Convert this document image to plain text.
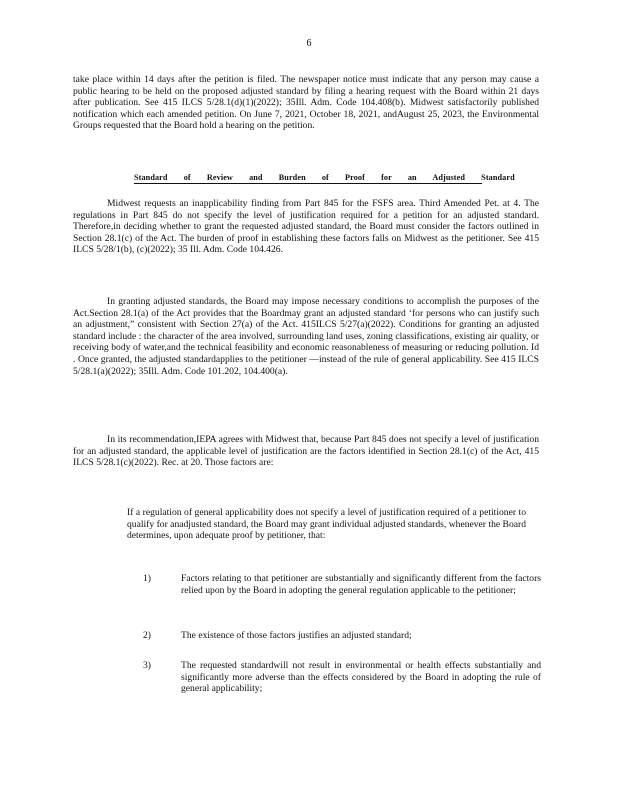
6

take place within 14 days after the petition is filed. The newspaper notice must indicate that any person may cause a public hearing to be held on the proposed adjusted standard by filing a hearing request with the Board within 21 days after publication. See 415 ILCS 5/28.1(d)(1)(2022); 35Ill. Adm. Code 104.408(b). Midwest satisfactorily published notification which each amended petition. On June 7, 2021, October 18, 2021, andAugust 25, 2023, the Environmental Groups requested that the Board hold a hearing on the petition.

Standard of Review and Burden of Proof for an Adjusted Standard

Midwest requests an inapplicability finding from Part 845 for the FSFS area. Third Amended Pet. at 4. The regulations in Part 845 do not specify the level of justification required for a petition for an adjusted standard. Therefore,in deciding whether to grant the requested adjusted standard, the Board must consider the factors outlined in Section 28.1(c) of the Act. The burden of proof in establishing these factors falls on Midwest as the petitioner. See 415 ILCS 5/28/1(b), (c)(2022); 35 Ill. Adm. Code 104.426.

In granting adjusted standards, the Board may impose necessary conditions to accomplish the purposes of the Act.Section 28.1(a) of the Act provides that the Boardmay grant an adjusted standard ‘for persons who can justify such an adjustment,” consistent with Section 27(a) of the Act. 415ILCS 5/27(a)(2022). Conditions for granting an adjusted standard include : the character of the area involved, surrounding land uses, zoning classifications, existing air quality, or receiving body of water,and the technical feasibility and economic reasonableness of measuring or reducing pollution. Id . Once granted, the adjusted standardapplies to the petitioner —instead of the rule of general applicability. See 415 ILCS 5/28.1(a)(2022); 35Ill. Adm. Code 101.202, 104.400(a).

In its recommendation,IEPA agrees with Midwest that, because Part 845 does not specify a level of justification for an adjusted standard, the applicable level of justification are the factors identified in Section 28.1(c) of the Act, 415 ILCS 5/28.1(c)(2022). Rec. at 20. Those factors are:

If a regulation of general applicability does not specify a level of justification required of a petitioner to qualify for anadjusted standard, the Board may grant individual adjusted standards, whenever the Board determines, upon adequate proof by petitioner, that:
1)	Factors relating to that petitioner are substantially and significantly different from the factors relied upon by the Board in adopting the general regulation applicable to the petitioner;
2)	The existence of those factors justifies an adjusted standard;
3)	The requested standardwill not result in environmental or health effects substantially and significantly more adverse than the effects considered by the Board in adopting the rule of general applicability;
